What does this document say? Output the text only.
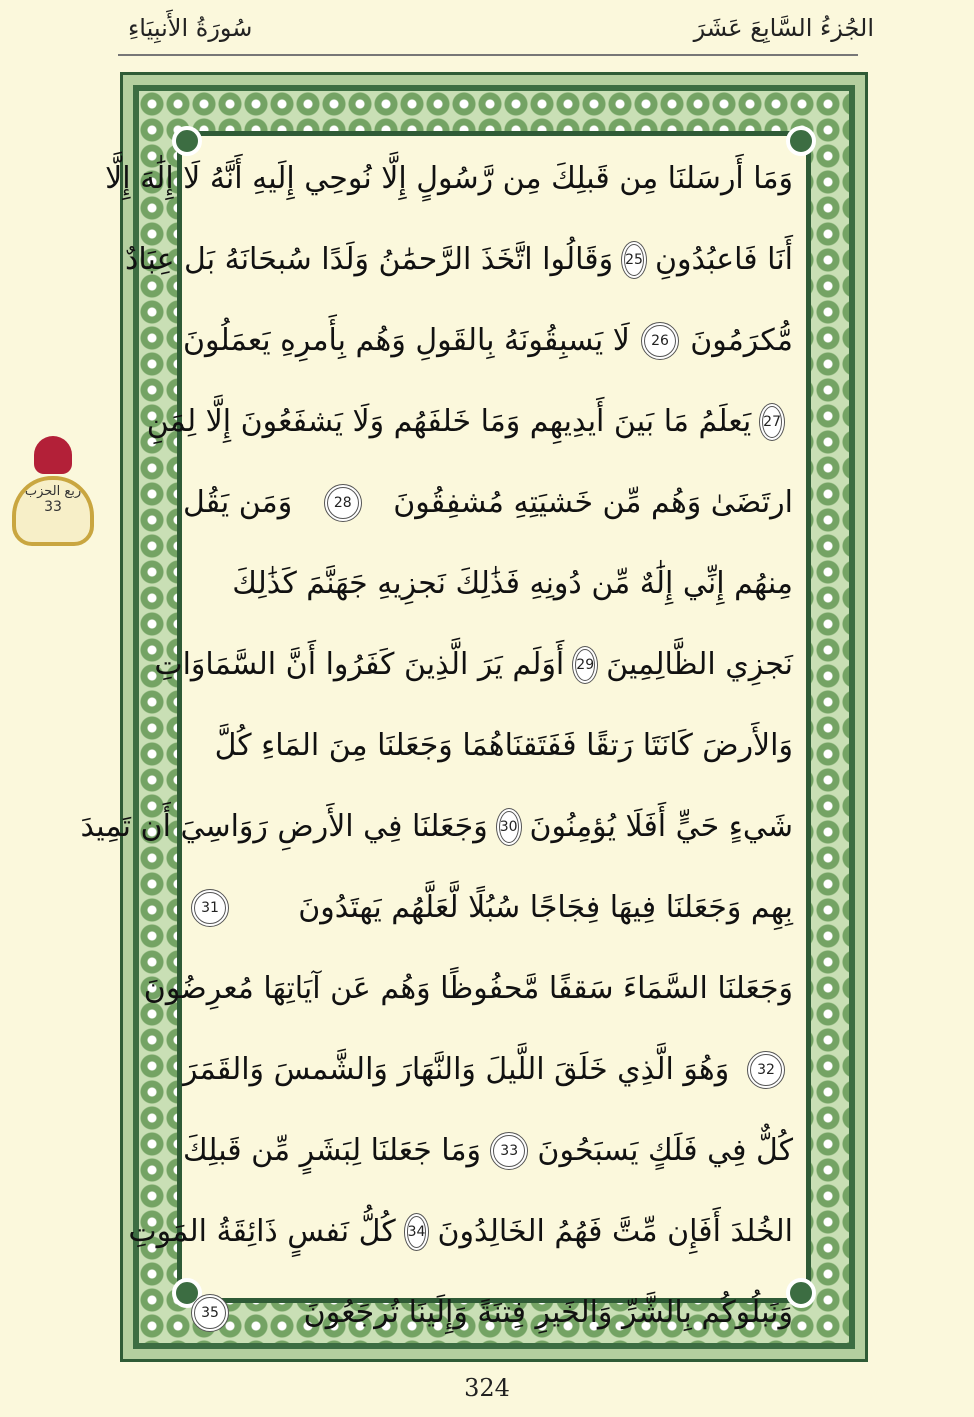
سُورَةُ الأَنبِيَاءِ	الجُزءُ السَّابِعَ عَشَرَ
ربع الحزب
33
وَمَا أَرسَلنَا مِن قَبلِكَ مِن رَّسُولٍ إِلَّا نُوحِي إِلَيهِ أَنَّهُ لَا إِلَٰهَ إِلَّا
أَنَا فَاعبُدُونِ
25
وَقَالُوا اتَّخَذَ الرَّحمَٰنُ وَلَدًا سُبحَانَهُ بَل عِبَادٌ
مُّكرَمُونَ
26
لَا يَسبِقُونَهُ بِالقَولِ وَهُم بِأَمرِهِ يَعمَلُونَ
27
يَعلَمُ مَا بَينَ أَيدِيهِم وَمَا خَلفَهُم وَلَا يَشفَعُونَ إِلَّا لِمَنِ
ارتَضَىٰ وَهُم مِّن خَشيَتِهِ مُشفِقُونَ
28
وَمَن يَقُل
مِنهُم إِنِّي إِلَٰهٌ مِّن دُونِهِ فَذَٰلِكَ نَجزِيهِ جَهَنَّمَ كَذَٰلِكَ
نَجزِي الظَّالِمِينَ
29
أَوَلَم يَرَ الَّذِينَ كَفَرُوا أَنَّ السَّمَاوَاتِ
وَالأَرضَ كَانَتَا رَتقًا فَفَتَقنَاهُمَا وَجَعَلنَا مِنَ المَاءِ كُلَّ
شَيءٍ حَيٍّ أَفَلَا يُؤمِنُونَ
30
وَجَعَلنَا فِي الأَرضِ رَوَاسِيَ أَن تَمِيدَ
بِهِم وَجَعَلنَا فِيهَا فِجَاجًا سُبُلًا لَّعَلَّهُم يَهتَدُونَ
31
وَجَعَلنَا السَّمَاءَ سَقفًا مَّحفُوظًا وَهُم عَن آيَاتِهَا مُعرِضُونَ
32
وَهُوَ الَّذِي خَلَقَ اللَّيلَ وَالنَّهَارَ وَالشَّمسَ وَالقَمَرَ
كُلٌّ فِي فَلَكٍ يَسبَحُونَ
33
وَمَا جَعَلنَا لِبَشَرٍ مِّن قَبلِكَ
الخُلدَ أَفَإِن مِّتَّ فَهُمُ الخَالِدُونَ
34
كُلُّ نَفسٍ ذَائِقَةُ المَوتِ
وَنَبلُوكُم بِالشَّرِّ وَالخَيرِ فِتنَةً وَإِلَينَا تُرجَعُونَ
35
324
